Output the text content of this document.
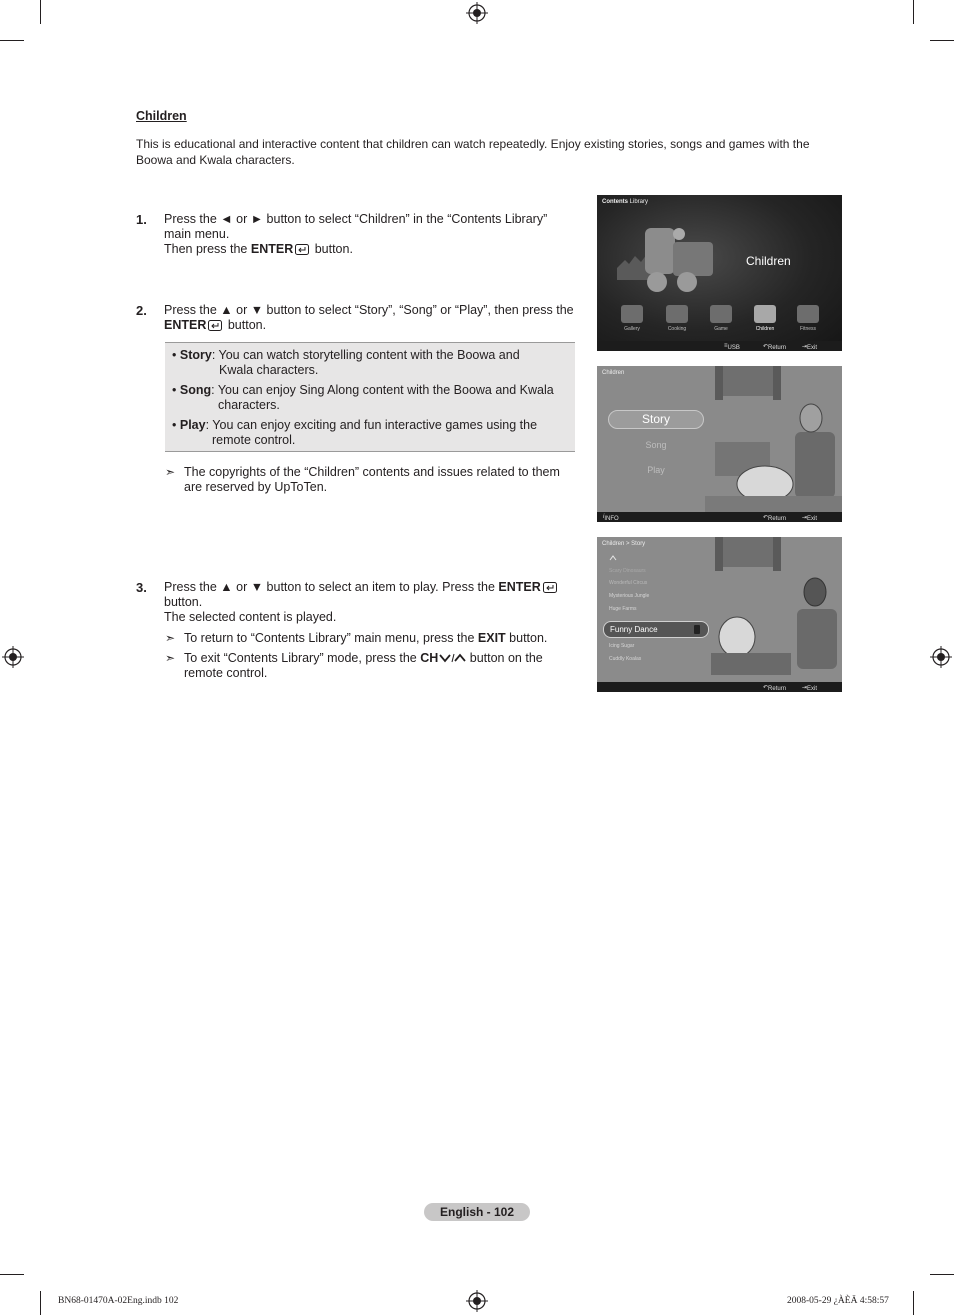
Children
This is educational and interactive content that children can watch repeatedly. Enjoy existing stories, songs and games with the Boowa and Kwala characters.
1. Press the ◄ or ► button to select “Children” in the “Contents Library”
main menu.
Then press the ENTER button.
2. Press the ▲ or ▼ button to select “Story”, “Song” or “Play”, then press the
ENTER button.
• Story: You can watch storytelling content with the Boowa and
Kwala characters.
• Song: You can enjoy Sing Along content with the Boowa and Kwala
characters.
• Play: You can enjoy exciting and fun interactive games using the
remote control.
➣ The copyrights of the “Children” contents and issues related to them
are reserved by UpToTen.
3. Press the ▲ or ▼ button to select an item to play. Press the ENTER
button.
The selected content is played.
➣ To return to “Contents Library” main menu, press the EXIT button.
➣ To exit “Contents Library” mode, press the CH button on the
remote control.
Contents Library
Children
Gallery	Cooking	Game	Children	Fitness
≡ USB	↶ Return	⇥ Exit
Children
Story
Song
Play
i INFO	↶ Return	⇥ Exit
Children > Story
Scary Dinosaurs
Wonderful Circus
Mysterious Jungle
Huge Farms
Funny Dance
Icing Sugar
Cuddly Koalas
↶ Return	⇥ Exit
English - 102
BN68-01470A-02Eng.indb 102	2008-05-29 ¿ÀÈÄ 4:58:57
